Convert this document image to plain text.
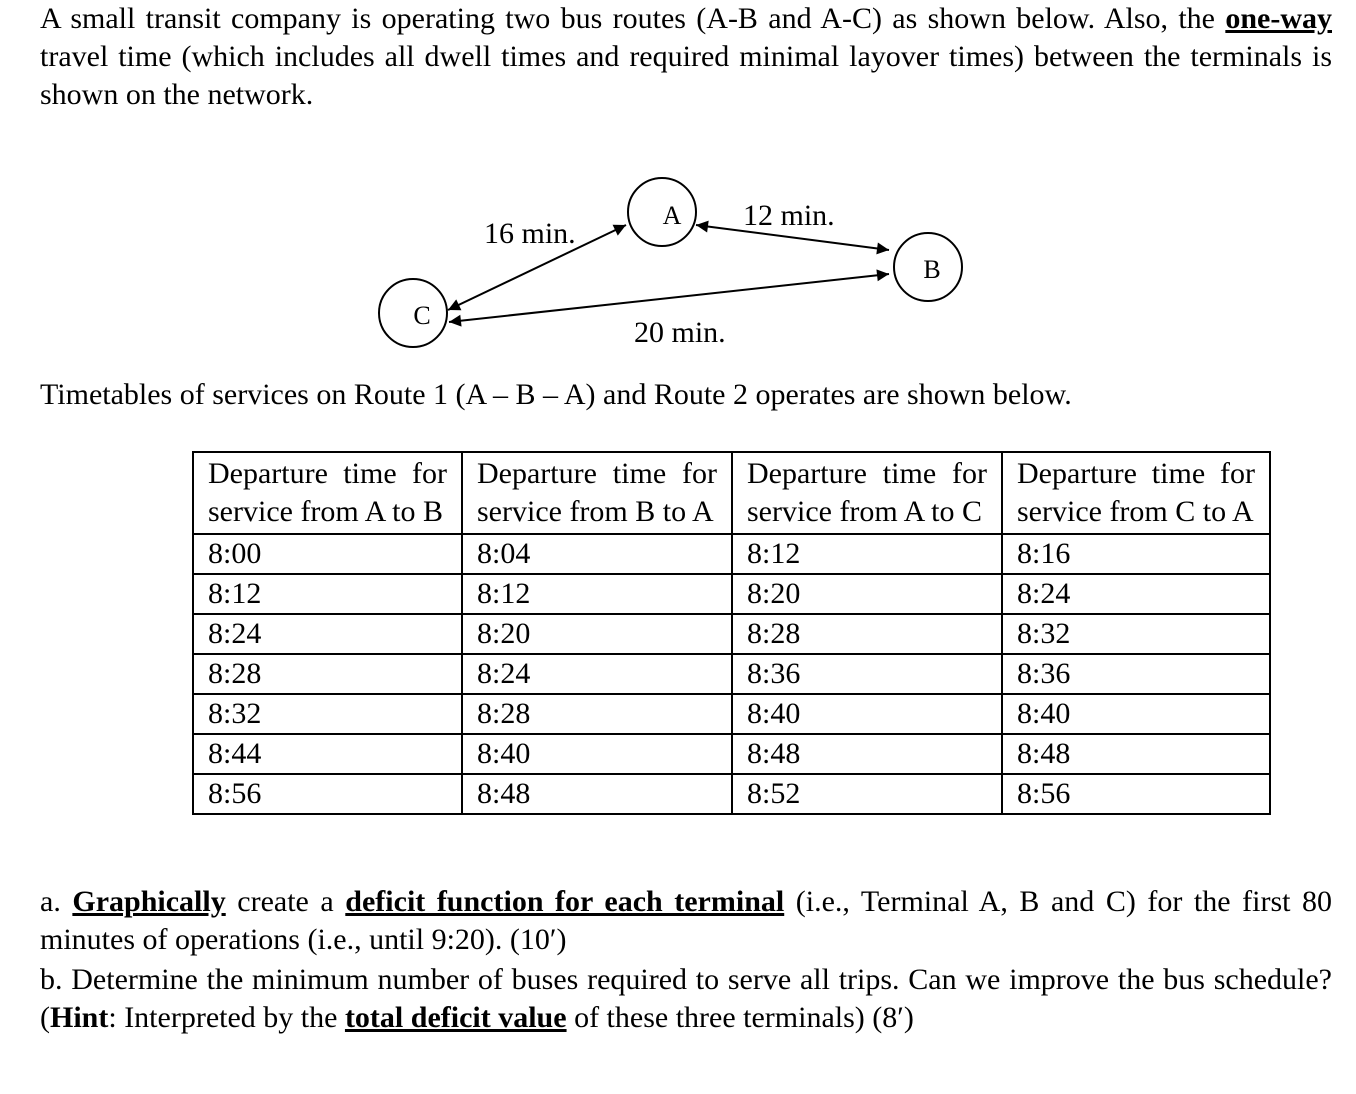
A small transit company is operating two bus routes (A-B and A-C) as shown below. Also, the one-way travel time (which includes all dwell times and required minimal layover times) between the terminals is shown on the network.
A
B
C
16 min.
12 min.
20 min.
Timetables of services on Route 1 (A – B – A) and Route 2 operates are shown below.
Departure time for service from A to B	Departure time for service from B to A	Departure time for service from A to C	Departure time for service from C to A
8:00	8:04	8:12	8:16
8:12	8:12	8:20	8:24
8:24	8:20	8:28	8:32
8:28	8:24	8:36	8:36
8:32	8:28	8:40	8:40
8:44	8:40	8:48	8:48
8:56	8:48	8:52	8:56
a. Graphically create a deficit function for each terminal (i.e., Terminal A, B and C) for the first 80 minutes of operations (i.e., until 9:20). (10′)
b. Determine the minimum number of buses required to serve all trips. Can we improve the bus schedule? (Hint: Interpreted by the total deficit value of these three terminals) (8′)
